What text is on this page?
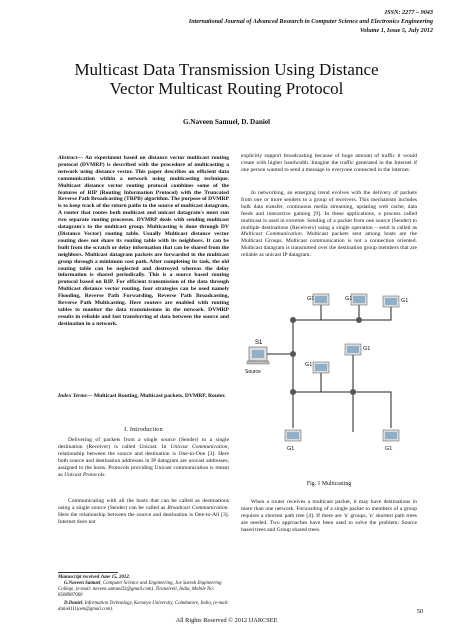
ISSN: 2277 – 9043
International Journal of Advanced Research in Computer Science and Electronics Engineering
Volume 1, Issue 5, July 2012
Multicast Data Transmission Using Distance
Vector Multicast Routing Protocol
G.Naveen Samuel, D. Daniel
Abstract— An experiment based on distance vector multicast routing protocol (DVMRP) is described with the procedure of multicasting a network using distance vector. This paper describes an efficient data communication within a network using multicasting technique. Multicast distance vector routing protocol combines some of the features of RIP (Routing Information Protocol) with the Truncated Reverse Path Broadcasting (TRPB) algorithm. The purpose of DVMRP is to keep track of the return paths to the source of multicast datagram. A router that routes both multicast and unicast datagram's must run two separate routing processes. DVMRP deals with sending multicast datagram's to the multicast group. Multicasting is done through DV (Distance Vector) routing table. Usually Multicast distance vector routing does not share its routing table with its neighbors. It can be built from the scratch or delay information that can be shared from the neighbors. Multicast datagram packets are forwarded to the multicast group through a minimum cost path. After completing its task, the old routing table can be neglected and destroyed whereas the delay information is shared periodically. This is a source based routing protocol based on RIP. For efficient transmission of the data through Multicast distance vector routing, four strategies can be used namely Flooding, Reverse Path Forwarding, Reverse Path Broadcasting, Reverse Path Multicasting. Here routers are enabled with routing tables to monitor the data transmissions in the network. DVMRP results in reliable and fast transferring of data between the source and destination in a network.
Index Terms— Multicast Routing, Multicast packets, DVMRP, Router.
I. Introduction

Delivering of packets from a single source (Sender) to a single destination (Receiver) is called Unicast. In Unicast Communication, relationship between the source and destination is One-to-One [3]. Here both source and destination addresses in IP datagram are unicast addresses, assigned to the hosts. Protocols providing Unicast communication is meant as Unicast Protocols.

Communicating with all the hosts that can be called as destinations using a single source (Sender) can be called as Broadcast Communication. Here the relationship between the source and destination is One-to-All [3]. Internet does not

Manuscript received June 15, 2012.
G.Naveen Samuel, Computer Science and Engineering, Joe Suresh Engineering College, (e-mail: naveen.samuel33@gmail.com). Tirunelveli, India, Mobile No: 8508987060
D.Daniel, Information Technology, Karunya University, Coimbatore, India, (e-mail: daniel111joen@gmail.com).
explicitly support broadcasting because of huge amount of traffic it would create with higher bandwidth. Imagine the traffic generated in the Internet if one person wanted to send a message to everyone connected in the internet.

In networking, an emerging trend evolves with the delivery of packets from one or more senders to a group of receivers. This mechanism includes bulk data transfer, continuous media streaming, updating web cache, data feeds and interactive gaming [9]. In these applications, a process called multicast is used in extreme. Sending of a packet from one source (Sender) to multiple destinations (Receivers) using a single operation – send is called as Multicast Communication. Multicast packets sent among hosts are the Multicast Groups. Multicast communication is not a connection oriented. Multicast datagram is transmitted over the destination group members that are reliable as unicast IP datagram.

S1
Source
G1	G1	G1
G1
G1
G1	G1
Fig. 1 Multicasting

When a router receives a multicast packet, it may have destinations in more than one network. Forwarding of a single packet to members of a group requires a shortest path tree [4]. If there are 'n' groups, 'n' shortest path trees are needed. Two approaches have been used to solve the problem: Source based trees and Group shared trees.

50
All Rights Reserved © 2012 IJARCSEE
